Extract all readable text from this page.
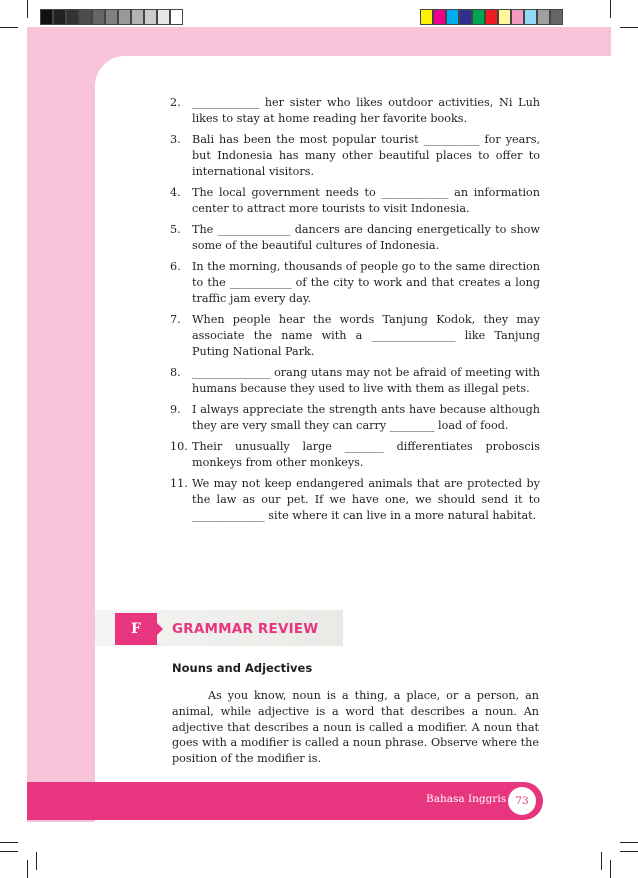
2. ____________ her sister who likes outdoor activities, Ni Luh likes to stay at home reading her favorite books.
3. Bali has been the most popular tourist __________ for years, but Indonesia has many other beautiful places to offer to international visitors.
4. The local government needs to ____________ an information center to attract more tourists to visit Indonesia.
5. The _____________ dancers are dancing energetically to show some of the beautiful cultures of Indonesia.
6. In the morning, thousands of people go to the same direction to the ___________ of the city to work and that creates a long traffic jam every day.
7. When people hear the words Tanjung Kodok, they may associate the name with a _______________ like Tanjung Puting National Park.
8. ______________ orang utans may not be afraid of meeting with humans because they used to live with them as illegal pets.
9. I always appreciate the strength ants have because although they are very small they can carry ________ load of food.
10. Their unusually large _______ differentiates proboscis monkeys from other monkeys.
11. We may not keep endangered animals that are protected by the law as our pet. If we have one, we should send it to _____________ site where it can live in a more natural habitat.
F	GRAMMAR REVIEW
Nouns and Adjectives
As you know, noun is a thing, a place, or a person, an animal, while adjective is a word that describes a noun. An adjective that describes a noun is called a modifier. A noun that goes with a modifier is called a noun phrase. Observe where the position of the modifier is.
Bahasa Inggris 73
